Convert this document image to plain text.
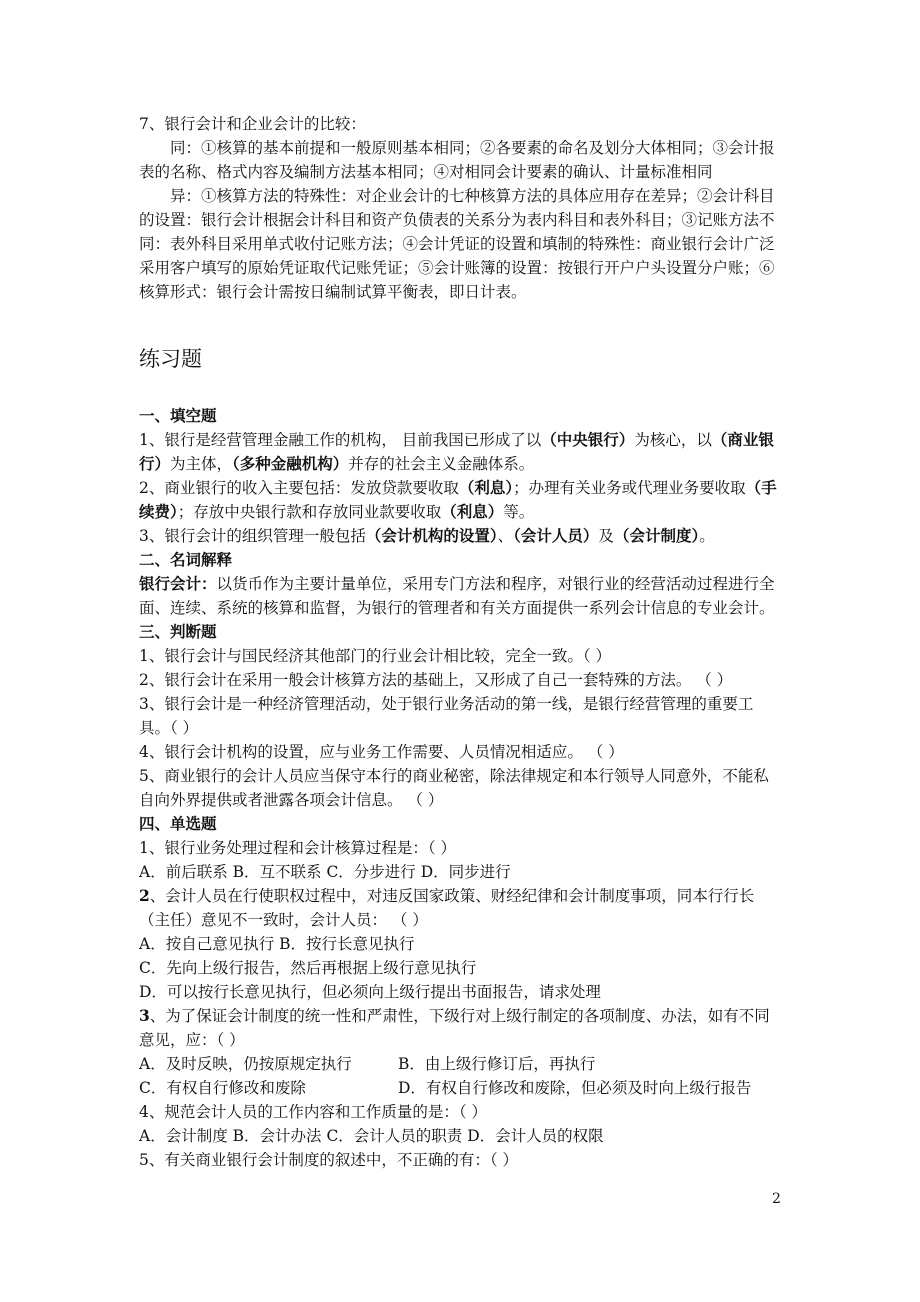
7、银行会计和企业会计的比较：

同：①核算的基本前提和一般原则基本相同；②各要素的命名及划分大体相同；③会计报表的名称、格式内容及编制方法基本相同；④对相同会计要素的确认、计量标准相同

异：①核算方法的特殊性：对企业会计的七种核算方法的具体应用存在差异；②会计科目的设置：银行会计根据会计科目和资产负债表的关系分为表内科目和表外科目；③记账方法不同：表外科目采用单式收付记账方法；④会计凭证的设置和填制的特殊性：商业银行会计广泛采用客户填写的原始凭证取代记账凭证；⑤会计账簿的设置：按银行开户户头设置分户账；⑥核算形式：银行会计需按日编制试算平衡表，即日计表。

练习题

一、填空题

1、银行是经营管理金融工作的机构， 目前我国已形成了以（中央银行）为核心，以（商业银行）为主体，（多种金融机构）并存的社会主义金融体系。

2、商业银行的收入主要包括：发放贷款要收取（利息）；办理有关业务或代理业务要收取（手续费）；存放中央银行款和存放同业款要收取（利息）等。

3、银行会计的组织管理一般包括（会计机构的设置）、（会计人员）及（会计制度）。

二、名词解释

银行会计：以货币作为主要计量单位，采用专门方法和程序，对银行业的经营活动过程进行全面、连续、系统的核算和监督，为银行的管理者和有关方面提供一系列会计信息的专业会计。

三、判断题

1、银行会计与国民经济其他部门的行业会计相比较，完全一致。（ ）

2、银行会计在采用一般会计核算方法的基础上，又形成了自己一套特殊的方法。 （ ）

3、银行会计是一种经济管理活动，处于银行业务活动的第一线，是银行经营管理的重要工具。（ ）

4、银行会计机构的设置，应与业务工作需要、人员情况相适应。 （ ）

5、商业银行的会计人员应当保守本行的商业秘密，除法律规定和本行领导人同意外，不能私自向外界提供或者泄露各项会计信息。 （ ）

四、单选题

1、银行业务处理过程和会计核算过程是：（ ）

A．前后联系 B．互不联系 C．分步进行 D．同步进行

2、会计人员在行使职权过程中，对违反国家政策、财经纪律和会计制度事项，同本行行长（主任）意见不一致时，会计人员： （ ）

A．按自己意见执行 B．按行长意见执行

C．先向上级行报告，然后再根据上级行意见执行

D．可以按行长意见执行，但必须向上级行提出书面报告，请求处理

3、为了保证会计制度的统一性和严肃性，下级行对上级行制定的各项制度、办法，如有不同意见，应：（ ）

A．及时反映，仍按原规定执行	B．由上级行修订后，再执行

C．有权自行修改和废除	D．有权自行修改和废除，但必须及时向上级行报告

4、规范会计人员的工作内容和工作质量的是：（ ）

A．会计制度 B．会计办法 C．会计人员的职责 D．会计人员的权限

5、有关商业银行会计制度的叙述中，不正确的有：（ ）

2
